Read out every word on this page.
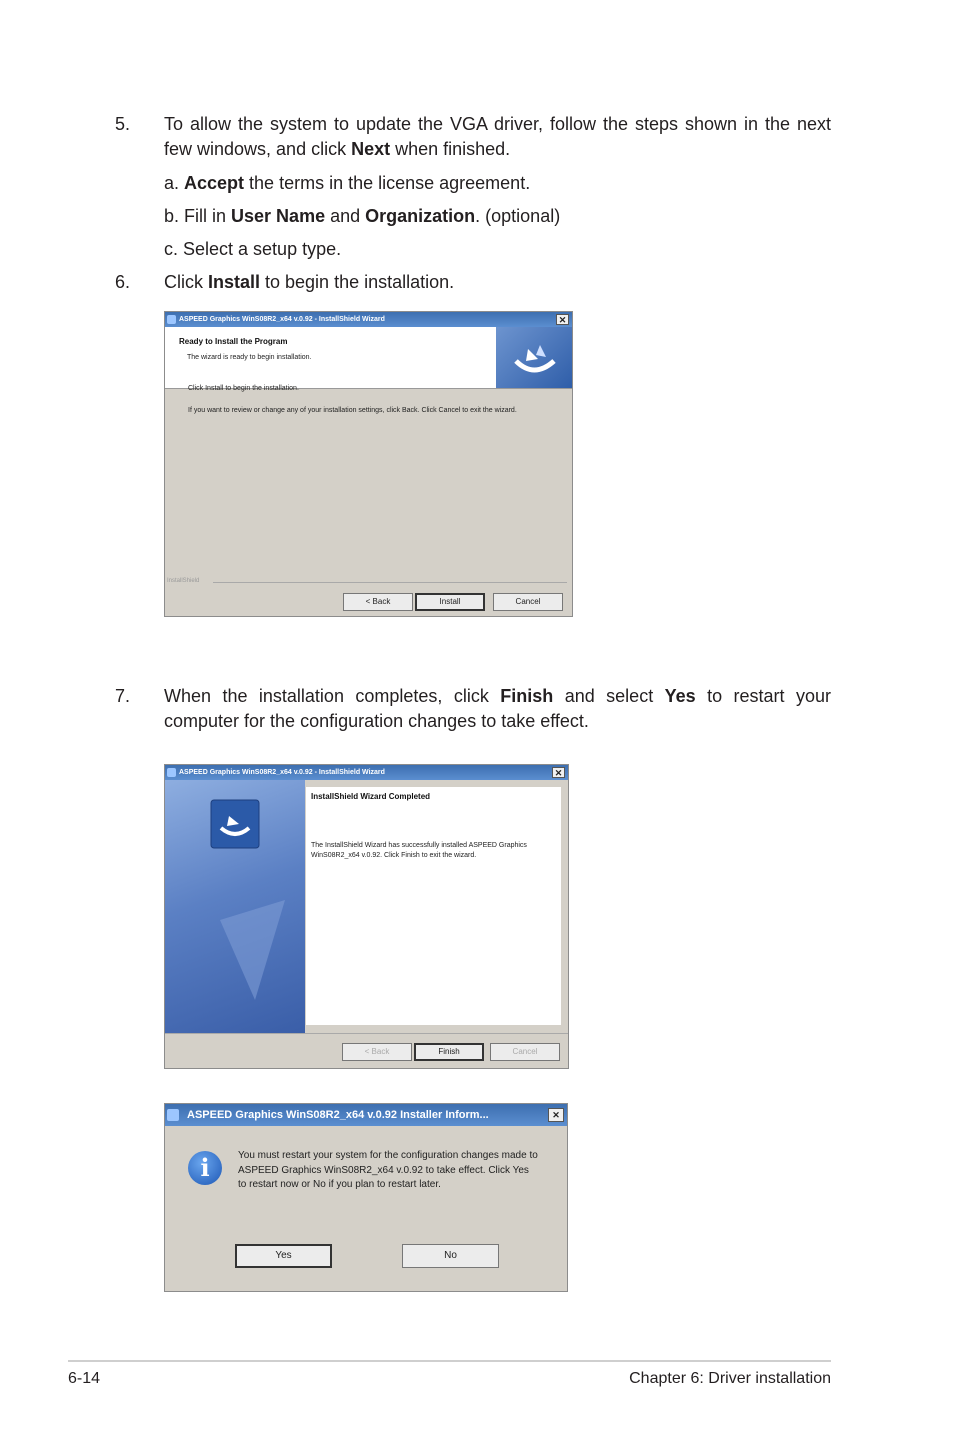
5. To allow the system to update the VGA driver, follow the steps shown in the next few windows, and click Next when finished.
a. Accept the terms in the license agreement.
b. Fill in User Name and Organization. (optional)
c. Select a setup type.
6. Click Install to begin the installation.
ASPEED Graphics WinS08R2_x64 v.0.92 - InstallShield Wizard	✕
Ready to Install the Program
The wizard is ready to begin installation.
Click Install to begin the installation.
If you want to review or change any of your installation settings, click Back. Click Cancel to exit the wizard.
InstallShield
< Back	Install	Cancel
7. When the installation completes, click Finish and select Yes to restart your computer for the configuration changes to take effect.
ASPEED Graphics WinS08R2_x64 v.0.92 - InstallShield Wizard	✕
InstallShield Wizard Completed
The InstallShield Wizard has successfully installed ASPEED Graphics WinS08R2_x64 v.0.92. Click Finish to exit the wizard.
< Back	Finish	Cancel
ASPEED Graphics WinS08R2_x64 v.0.92 Installer Inform...	✕
i	You must restart your system for the configuration changes made to ASPEED Graphics WinS08R2_x64 v.0.92 to take effect. Click Yes to restart now or No if you plan to restart later.
Yes	No
6-14	Chapter 6: Driver installation
